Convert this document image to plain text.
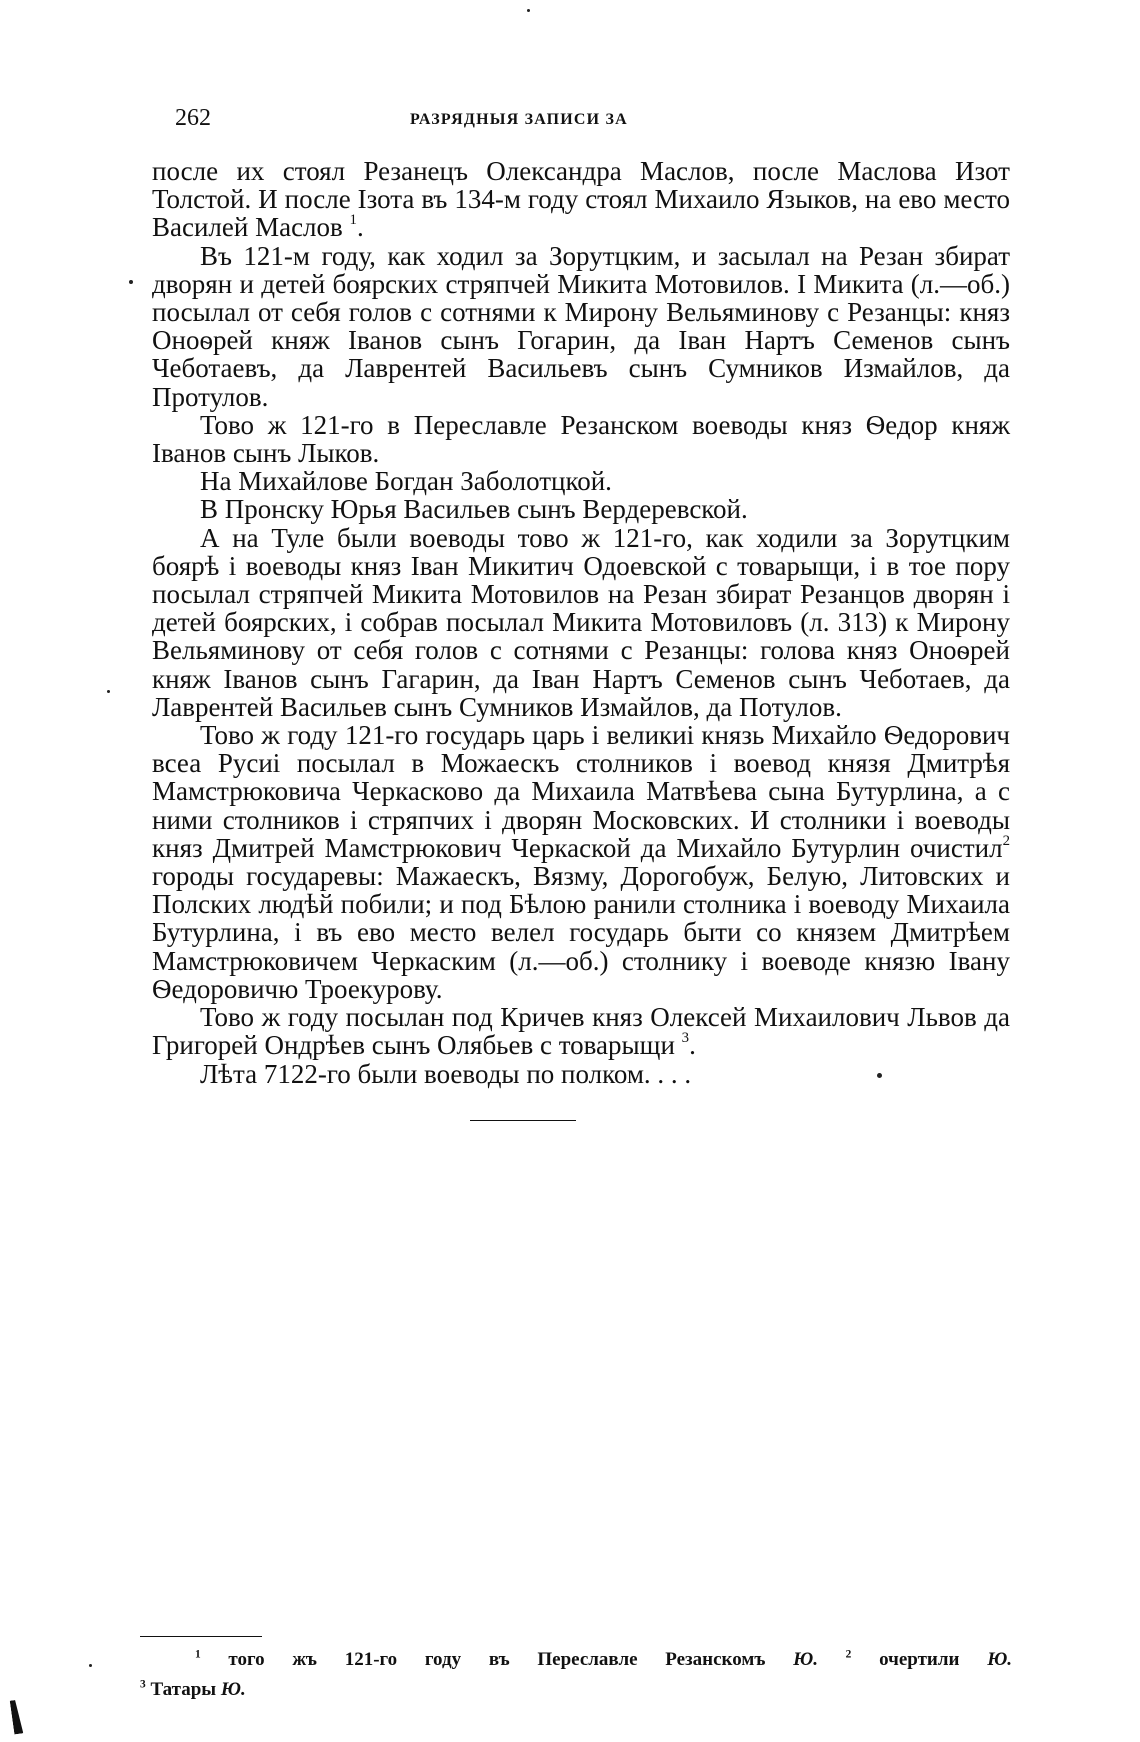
262	РАЗРЯДНЫЯ ЗАПИСИ ЗА

после их стоял Резанецъ Олександра Маслов, после Маслова Изот Толстой. И после Ізота въ 134-м году стоял Михаило Языков, на ево место Василей Маслов $^1$.

Въ 121-м году, как ходил за Зорутцким, и засылал на Резан збират дворян и детей боярских стряпчей Микита Мотовилов. І Микита (л.—об.) посылал от себя голов с сотнями к Мирону Вельяминову с Резанцы: княз Оноѳрей княж Іванов сынъ Гогарин, да Іван Нартъ Семенов сынъ Чеботаевъ, да Лаврентей Васильевъ сынъ Сумников Измайлов, да Протулов.

Тово ж 121-го в Переславле Резанском воеводы княз Ѳедор княж Іванов сынъ Лыков.

На Михайлове Богдан Заболотцкой.

В Пронску Юрья Васильев сынъ Вердеревской.

А на Туле были воеводы тово ж 121-го, как ходили за Зорутцким боярѣ і воеводы княз Іван Микитич Одоевской с товарыщи, і в тое пору посылал стряпчей Микита Мотовилов на Резан збират Резанцов дворян і детей боярских, і собрав посылал Микита Мотовиловъ (л. 313) к Мирону Вельяминову от себя голов с сотнями с Резанцы: голова княз Оноѳрей княж Іванов сынъ Гагарин, да Іван Нартъ Семенов сынъ Чеботаев, да Лаврентей Васильев сынъ Сумников Измайлов, да Потулов.

Тово ж году 121-го государь царь і великиі князь Михайло Ѳедорович всеа Русиі посылал в Можаескъ столников і воевод князя Дмитрѣя Мамстрюковича Черкасково да Михаила Матвѣева сына Бутурлина, а с ними столников і стряпчих і дворян Московских. И столники і воеводы княз Дмитрей Мамстрюкович Черкаской да Михайло Бутурлин очистил$^2$ городы государевы: Мажаескъ, Вязму, Дорогобуж, Белую, Литовских и Полских людѣй побили; и под Бѣлою ранили столника і воеводу Михаила Бутурлина, і въ ево место велел государь быти со князем Дмитрѣем Мамстрюковичем Черкаским (л.—об.) столнику і воеводе князю Івану Ѳедоровичю Троекурову.

Тово ж году посылан под Кричев княз Олексей Михаилович Львов да Григорей Ондрѣев сынъ Олябьев с товарыщи $^3$.

Лѣта 7122-го были воеводы по полком. . . .

$^1$ того жъ 121-го году въ Переславле Резанскомъ Ю. $^2$ очертили Ю.
$^3$ Татары Ю.
